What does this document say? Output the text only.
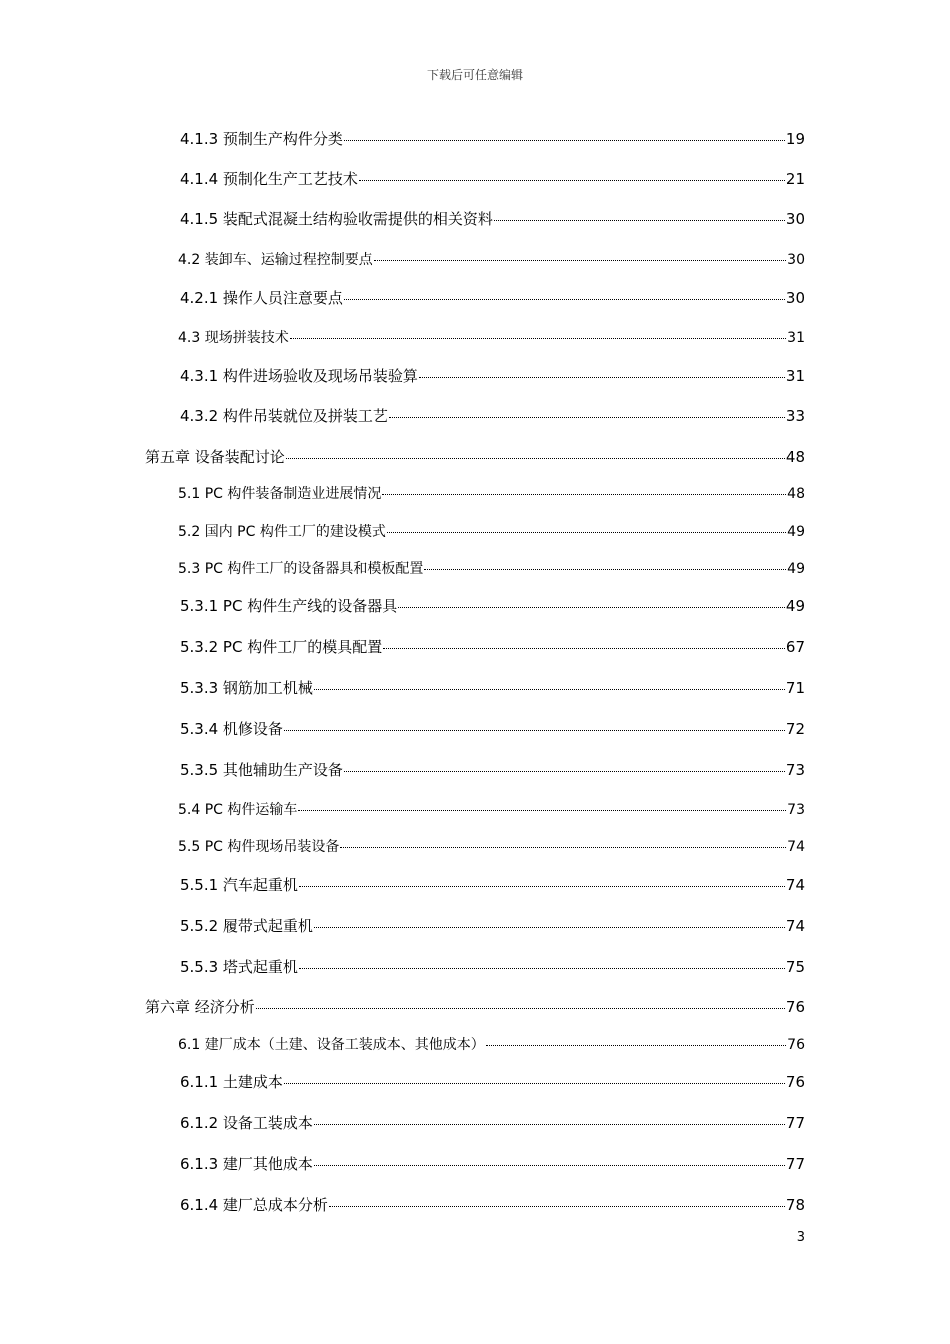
下载后可任意编辑
4.1.3 预制生产构件分类	19
4.1.4 预制化生产工艺技术	21
4.1.5 装配式混凝土结构验收需提供的相关资料	30
4.2 装卸车、运输过程控制要点	30
4.2.1 操作人员注意要点	30
4.3 现场拼装技术	31
4.3.1 构件进场验收及现场吊装验算	31
4.3.2 构件吊装就位及拼装工艺	33
第五章 设备装配讨论	48
5.1 PC 构件装备制造业进展情况	48
5.2 国内 PC 构件工厂的建设模式	49
5.3 PC 构件工厂的设备器具和模板配置	49
5.3.1 PC 构件生产线的设备器具	49
5.3.2 PC 构件工厂的模具配置	67
5.3.3 钢筋加工机械	71
5.3.4 机修设备	72
5.3.5 其他辅助生产设备	73
5.4 PC 构件运输车	73
5.5 PC 构件现场吊装设备	74
5.5.1 汽车起重机	74
5.5.2 履带式起重机	74
5.5.3 塔式起重机	75
第六章 经济分析	76
6.1 建厂成本（土建、设备工装成本、其他成本）	76
6.1.1 土建成本	76
6.1.2 设备工装成本	77
6.1.3 建厂其他成本	77
6.1.4 建厂总成本分析	78
3
